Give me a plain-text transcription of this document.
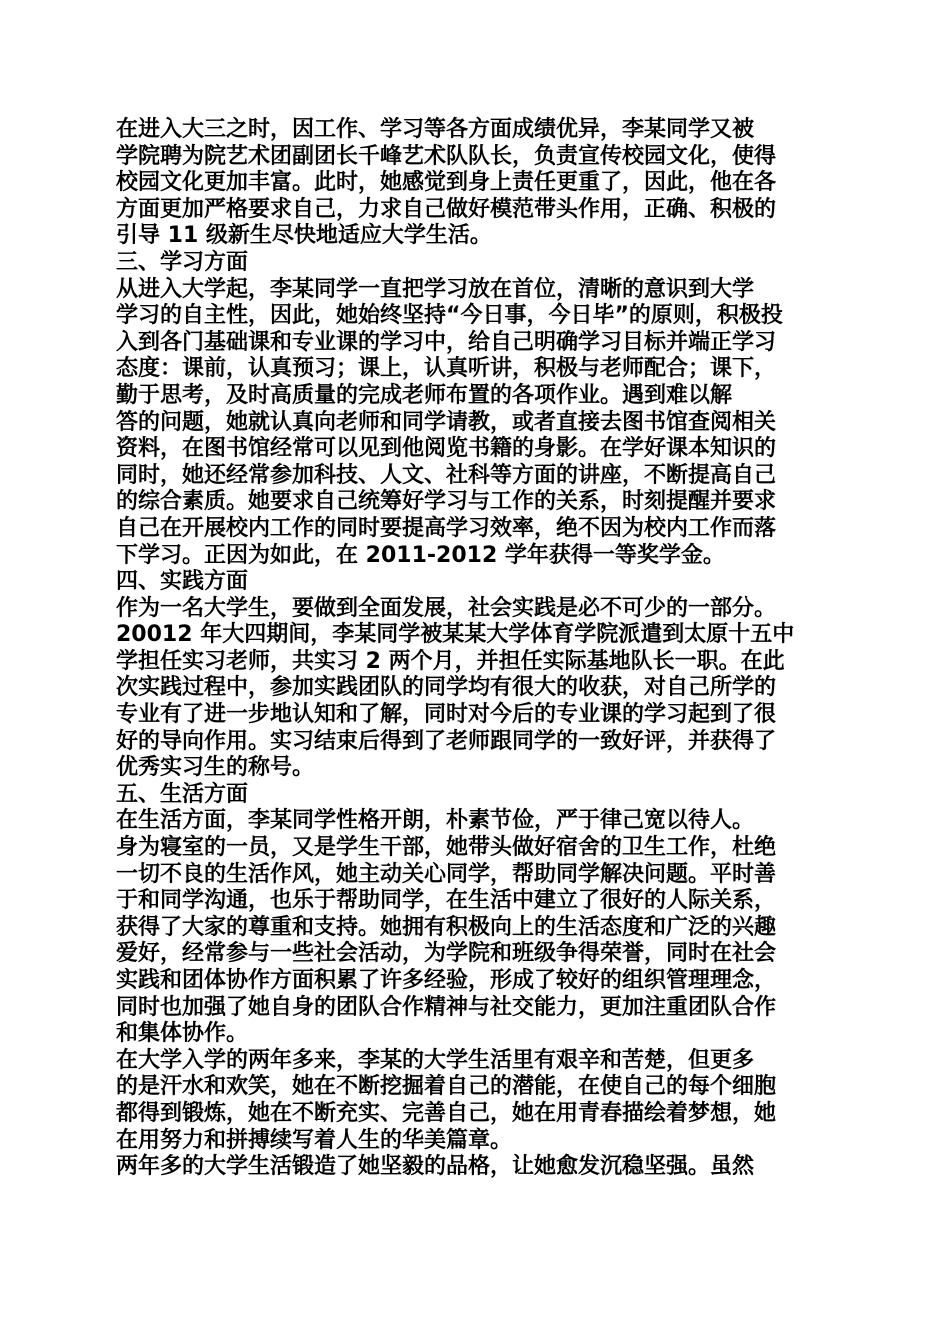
在进入大三之时，因工作、学习等各方面成绩优异，李某同学又被
学院聘为院艺术团副团长千峰艺术队队长，负责宣传校园文化，使得
校园文化更加丰富。此时，她感觉到身上责任更重了，因此，他在各
方面更加严格要求自己，力求自己做好模范带头作用，正确、积极的
引导 11 级新生尽快地适应大学生活。
三、学习方面
从进入大学起，李某同学一直把学习放在首位，清晰的意识到大学
学习的自主性，因此，她始终坚持“今日事，今日毕”的原则，积极投
入到各门基础课和专业课的学习中，给自己明确学习目标并端正学习
态度：课前，认真预习；课上，认真听讲，积极与老师配合；课下，
勤于思考，及时高质量的完成老师布置的各项作业。遇到难以解
答的问题，她就认真向老师和同学请教，或者直接去图书馆查阅相关
资料，在图书馆经常可以见到他阅览书籍的身影。在学好课本知识的
同时，她还经常参加科技、人文、社科等方面的讲座，不断提高自己
的综合素质。她要求自己统筹好学习与工作的关系，时刻提醒并要求
自己在开展校内工作的同时要提高学习效率，绝不因为校内工作而落
下学习。正因为如此，在 2011-2012 学年获得一等奖学金。
四、实践方面
作为一名大学生，要做到全面发展，社会实践是必不可少的一部分。
20012 年大四期间，李某同学被某某大学体育学院派遣到太原十五中
学担任实习老师，共实习 2 两个月，并担任实际基地队长一职。在此
次实践过程中，参加实践团队的同学均有很大的收获，对自己所学的
专业有了进一步地认知和了解，同时对今后的专业课的学习起到了很
好的导向作用。实习结束后得到了老师跟同学的一致好评，并获得了
优秀实习生的称号。
五、生活方面
在生活方面，李某同学性格开朗，朴素节俭，严于律己宽以待人。
身为寝室的一员，又是学生干部，她带头做好宿舍的卫生工作，杜绝
一切不良的生活作风，她主动关心同学，帮助同学解决问题。平时善
于和同学沟通，也乐于帮助同学，在生活中建立了很好的人际关系，
获得了大家的尊重和支持。她拥有积极向上的生活态度和广泛的兴趣
爱好，经常参与一些社会活动，为学院和班级争得荣誉，同时在社会
实践和团体协作方面积累了许多经验，形成了较好的组织管理理念，
同时也加强了她自身的团队合作精神与社交能力，更加注重团队合作
和集体协作。
在大学入学的两年多来，李某的大学生活里有艰辛和苦楚，但更多
的是汗水和欢笑，她在不断挖掘着自己的潜能，在使自己的每个细胞
都得到锻炼，她在不断充实、完善自己，她在用青春描绘着梦想，她
在用努力和拼搏续写着人生的华美篇章。
两年多的大学生活锻造了她坚毅的品格，让她愈发沉稳坚强。虽然
